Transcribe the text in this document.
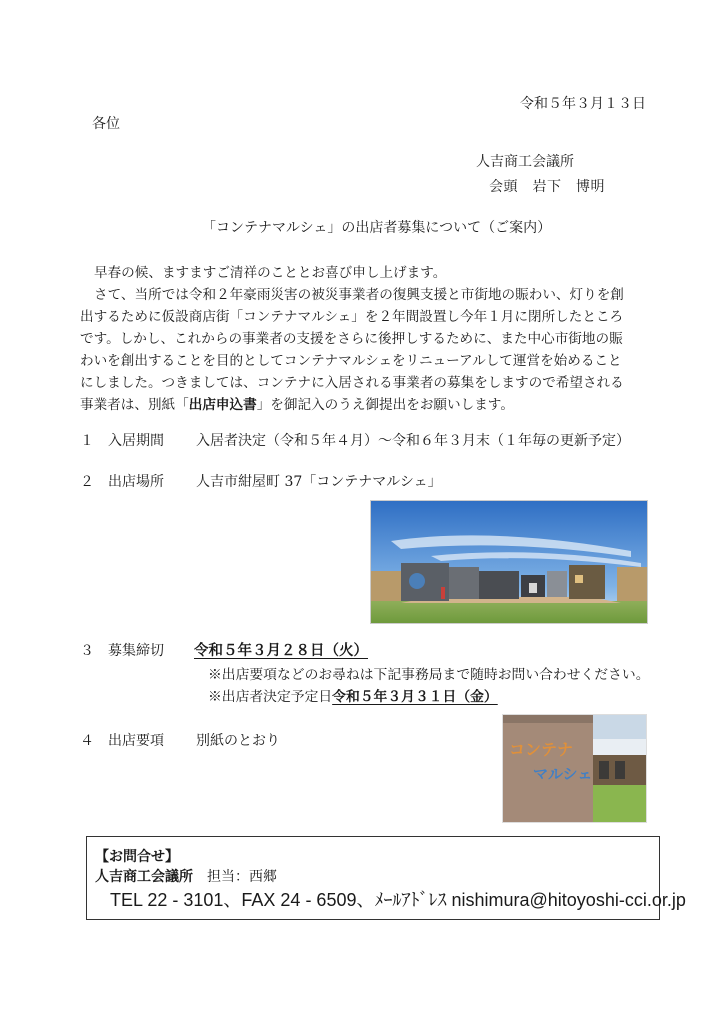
令和５年３月１３日
各位
人吉商工会議所
会頭　岩下　博明
「コンテナマルシェ」の出店者募集について（ご案内）
早春の候、ますますご清祥のこととお喜び申し上げます。
さて、当所では令和２年豪雨災害の被災事業者の復興支援と市街地の賑わい、灯りを創
出するために仮設商店街「コンテナマルシェ」を２年間設置し今年１月に閉所したところ
です。しかし、これからの事業者の支援をさらに後押しするために、また中心市街地の賑
わいを創出することを目的としてコンテナマルシェをリニューアルして運営を始めること
にしました。つきましては、コンテナに入居される事業者の募集をしますので希望される
事業者は、別紙「出店申込書」を御記入のうえ御提出をお願いします。
１ 入居期間 入居者決定（令和５年４月）～令和６年３月末（１年毎の更新予定）
２ 出店場所 人吉市紺屋町 37「コンテナマルシェ」
３ 募集締切 令和５年３月２８日（火）
※出店要項などのお尋ねは下記事務局まで随時お問い合わせください。
※出店者決定予定日令和５年３月３１日（金）
４ 出店要項 別紙のとおり	コンテナ
マルシェ
【お問合せ】
人吉商工会議所　 担当：西郷
TEL 22 - 3101、FAX 24 - 6509、ﾒｰﾙｱﾄﾞﾚｽ nishimura@hitoyoshi-cci.or.jp
